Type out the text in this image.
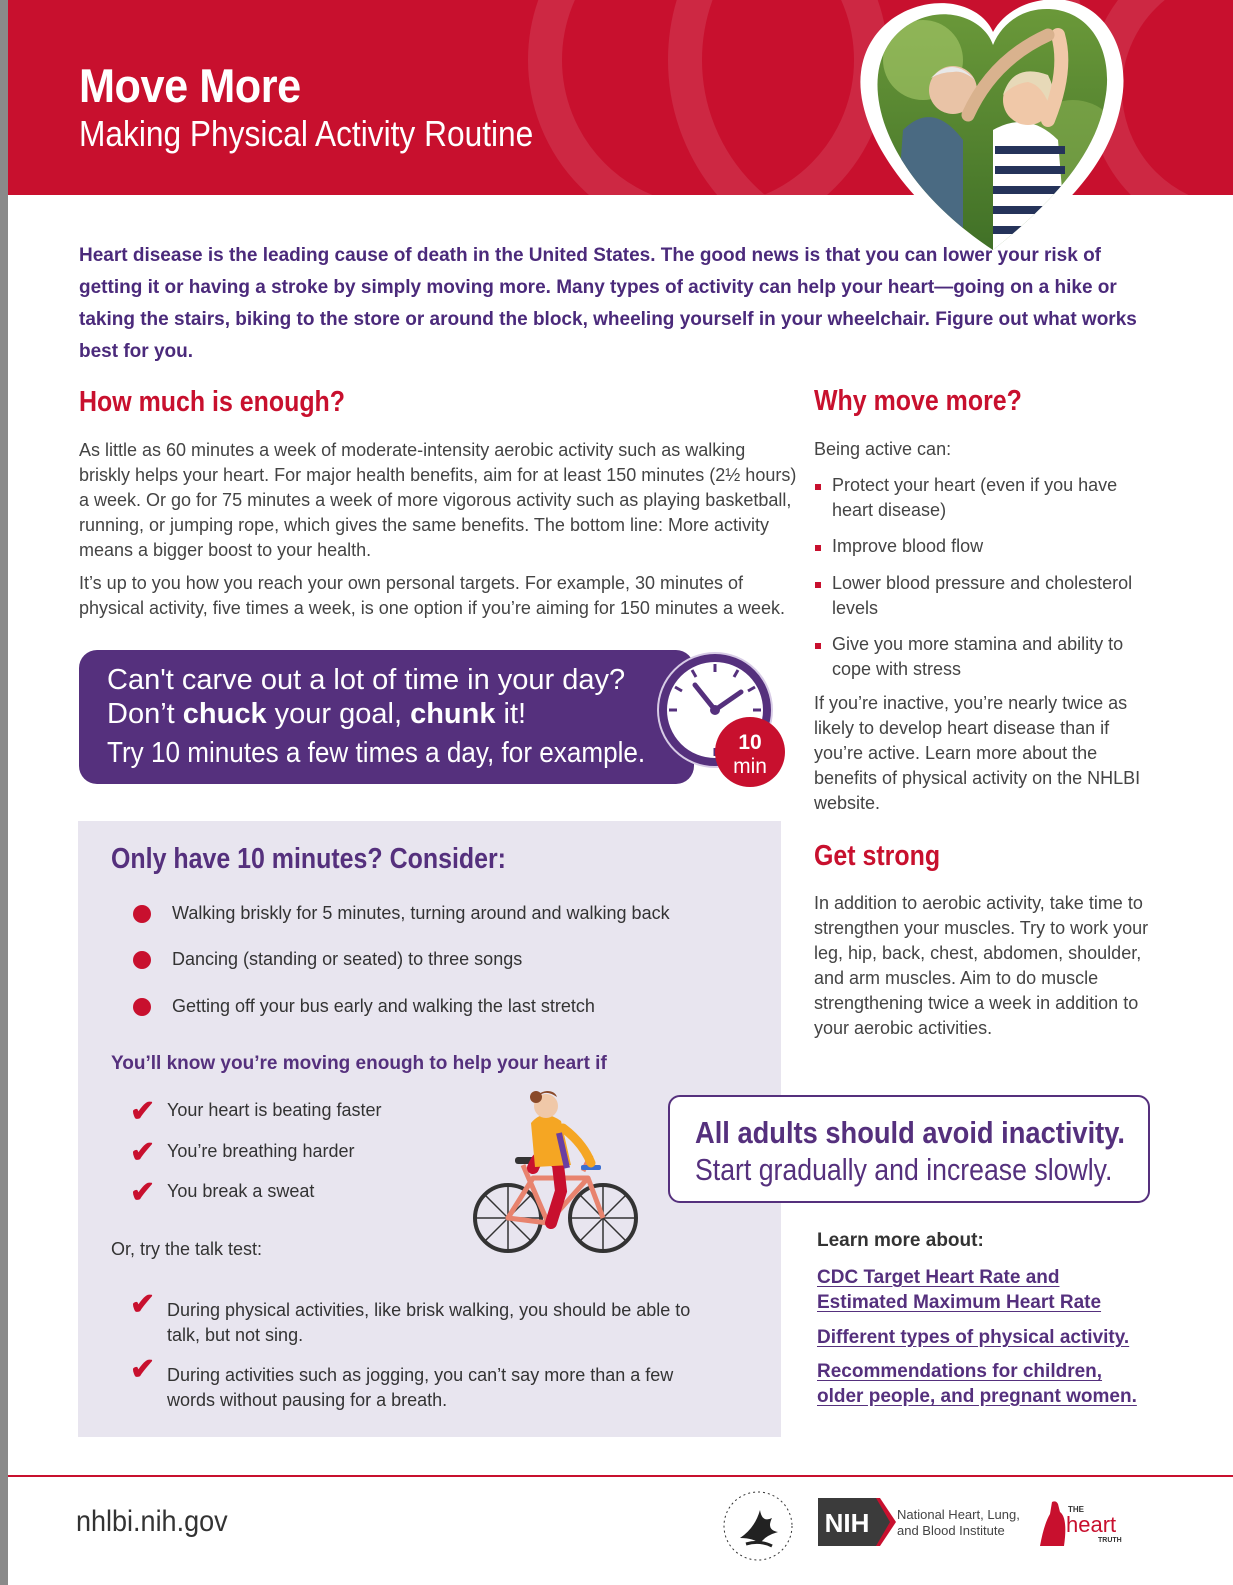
Move More
Making Physical Activity Routine
Heart disease is the leading cause of death in the United States. The good news is that you can lower your risk of getting it or having a stroke by simply moving more. Many types of activity can help your heart—going on a hike or taking the stairs, biking to the store or around the block, wheeling yourself in your wheelchair. Figure out what works best for you.
How much is enough?
As little as 60 minutes a week of moderate-intensity aerobic activity such as walking briskly helps your heart. For major health benefits, aim for at least 150 minutes (2½ hours) a week. Or go for 75 minutes a week of more vigorous activity such as playing basketball, running, or jumping rope, which gives the same benefits. The bottom line: More activity means a bigger boost to your health.
It’s up to you how you reach your own personal targets. For example, 30 minutes of physical activity, five times a week, is one option if you’re aiming for 150 minutes a week.
Can't carve out a lot of time in your day?
Don’t chuck your goal, chunk it!
Try 10 minutes a few times a day, for example.	10
min
Only have 10 minutes? Consider:
Walking briskly for 5 minutes, turning around and walking back
Dancing (standing or seated) to three songs
Getting off your bus early and walking the last stretch
You’ll know you’re moving enough to help your heart if
✔ Your heart is beating faster
✔ You’re breathing harder
✔ You break a sweat
Or, try the talk test:
✔ During physical activities, like brisk walking, you should be able to
talk, but not sing.
✔ During activities such as jogging, you can’t say more than a few
words without pausing for a breath.
Why move more?
Being active can:
Protect your heart (even if you have heart disease)
Improve blood flow
Lower blood pressure and cholesterol levels
Give you more stamina and ability to cope with stress
If you’re inactive, you’re nearly twice as likely to develop heart disease than if you’re active. Learn more about the benefits of physical activity on the NHLBI website.
Get strong
In addition to aerobic activity, take time to strengthen your muscles. Try to work your leg, hip, back, chest, abdomen, shoulder, and arm muscles. Aim to do muscle strengthening twice a week in addition to your aerobic activities.
All adults should avoid inactivity.
Start gradually and increase slowly.
Learn more about:
CDC Target Heart Rate and
Estimated Maximum Heart Rate
Different types of physical activity.
Recommendations for children,
older people, and pregnant women.
nhlbi.nih.gov	NIH National Heart, Lung,
and Blood Institute
THE
heart
TRUTH
